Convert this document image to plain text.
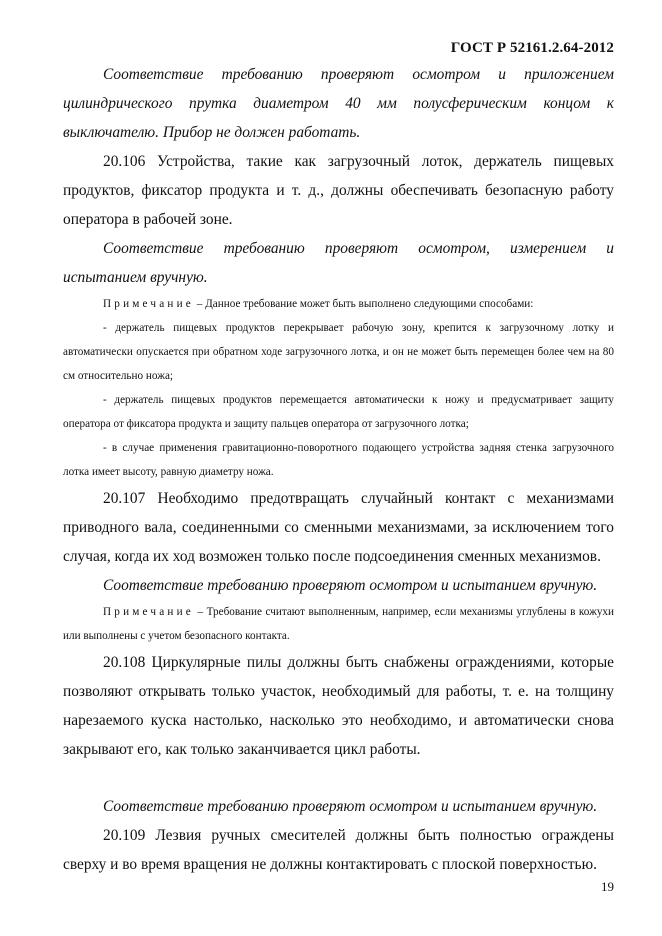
ГОСТ Р 52161.2.64-2012

Соответствие требованию проверяют осмотром и приложением цилиндрического прутка диаметром 40 мм полусферическим концом к выключателю. Прибор не должен работать.

20.106 Устройства, такие как загрузочный лоток, держатель пищевых продуктов, фиксатор продукта и т. д., должны обеспечивать безопасную работу оператора в рабочей зоне.

Соответствие требованию проверяют осмотром, измерением и испытанием вручную.

Примечание – Данное требование может быть выполнено следующими способами:

- держатель пищевых продуктов перекрывает рабочую зону, крепится к загрузочному лотку и автоматически опускается при обратном ходе загрузочного лотка, и он не может быть перемещен более чем на 80 см относительно ножа;

- держатель пищевых продуктов перемещается автоматически к ножу и предусматривает защиту оператора от фиксатора продукта и защиту пальцев оператора от загрузочного лотка;

- в случае применения гравитационно-поворотного подающего устройства задняя стенка загрузочного лотка имеет высоту, равную диаметру ножа.

20.107 Необходимо предотвращать случайный контакт с механизмами приводного вала, соединенными со сменными механизмами, за исключением того случая, когда их ход возможен только после подсоединения сменных механизмов.

Соответствие требованию проверяют осмотром и испытанием вручную.

Примечание – Требование считают выполненным, например, если механизмы углублены в кожухи или выполнены с учетом безопасного контакта.

20.108 Циркулярные пилы должны быть снабжены ограждениями, которые позволяют открывать только участок, необходимый для работы, т. е. на толщину нарезаемого куска настолько, насколько это необходимо, и автоматически снова закрывают его, как только заканчивается цикл работы.

Соответствие требованию проверяют осмотром и испытанием вручную.

20.109 Лезвия ручных смесителей должны быть полностью ограждены сверху и во время вращения не должны контактировать с плоской поверхностью.

19
